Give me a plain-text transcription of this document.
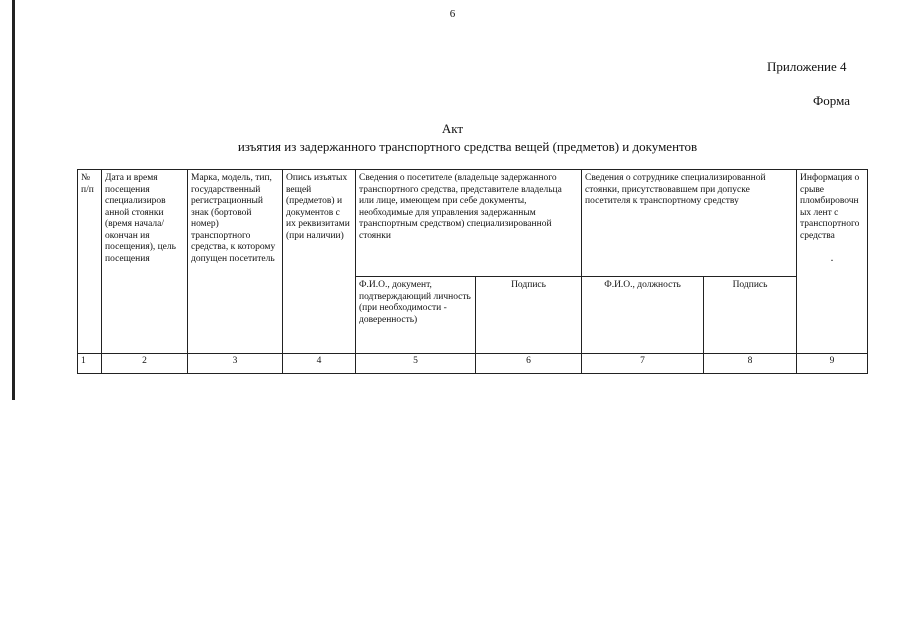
6
Приложение 4
Форма
Акт
изъятия из задержанного транспортного средства вещей (предметов) и документов
№ п/п	Дата и время посещения специализиров анной стоянки (время начала/окончан ия посещения), цель посещения	Марка, модель, тип, государственный регистрационный знак (бортовой номер) транспортного средства, к которому допущен посетитель	Опись изъятых вещей (предметов) и документов с их реквизитами (при наличии)	Сведения о посетителе (владельце задержанного транспортного средства, представителе владельца или лице, имеющем при себе документы, необходимые для управления задержанным транспортным средством) специализированной стоянки		Сведения о сотруднике специализированной стоянки, присутствовавшем при допуске посетителя к транспортному средству		Информация о срыве пломбировочных лент с транспортного средства
.

				Ф.И.О., документ, подтверждающий личность (при необходимости - доверенность)	Подпись	Ф.И.О., должность	Подпись	
1	2	3	4	5	6	7	8	9
